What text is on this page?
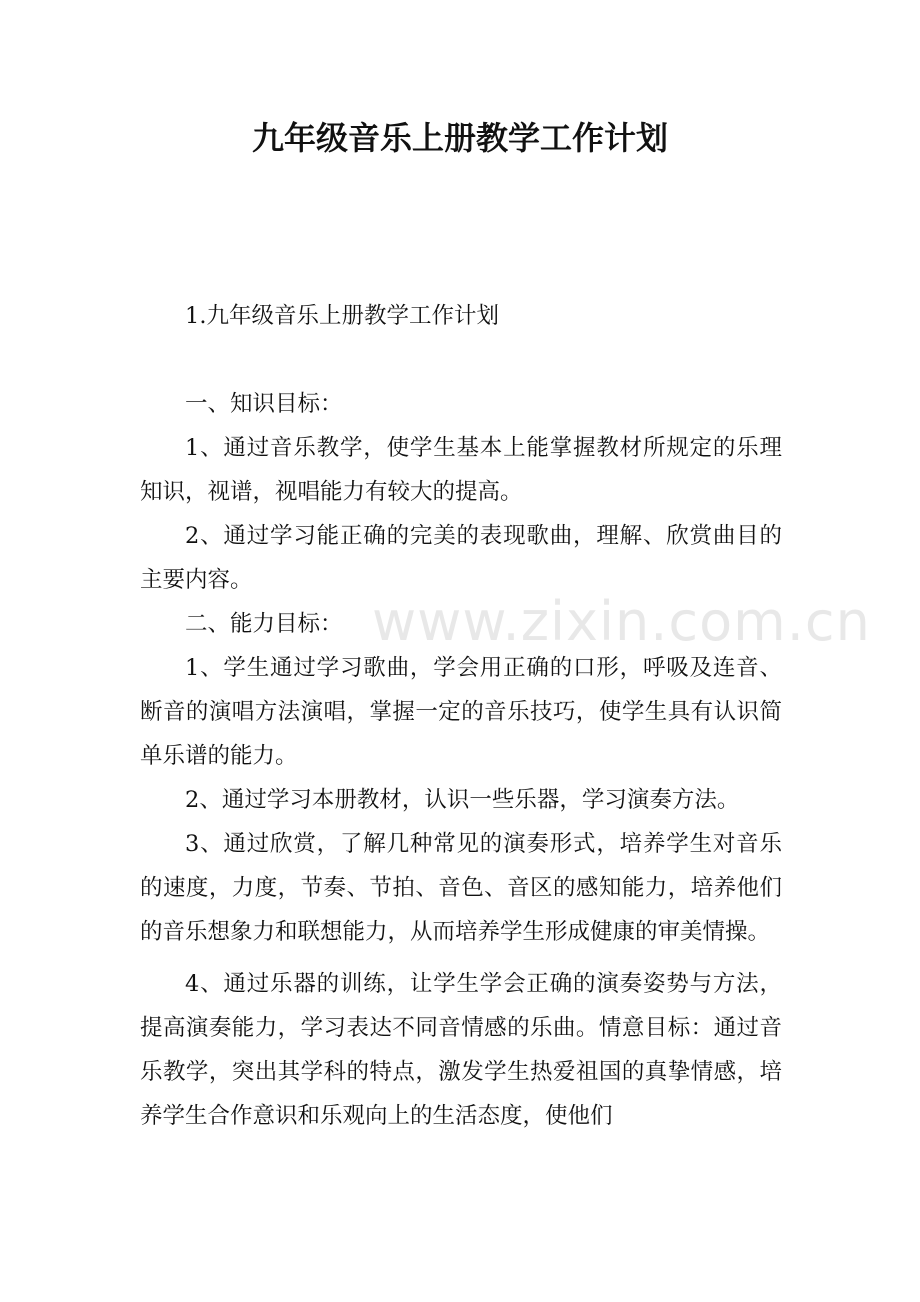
www.zixin.com.cn
九年级音乐上册教学工作计划

1.九年级音乐上册教学工作计划

一、知识目标：

1、通过音乐教学，使学生基本上能掌握教材所规定的乐理知识，视谱，视唱能力有较大的提高。

2、通过学习能正确的完美的表现歌曲，理解、欣赏曲目的主要内容。

二、能力目标：

1、学生通过学习歌曲，学会用正确的口形，呼吸及连音、断音的演唱方法演唱，掌握一定的音乐技巧，使学生具有认识简单乐谱的能力。

2、通过学习本册教材，认识一些乐器，学习演奏方法。

3、通过欣赏，了解几种常见的演奏形式，培养学生对音乐的速度，力度，节奏、节拍、音色、音区的感知能力，培养他们的音乐想象力和联想能力，从而培养学生形成健康的审美情操。

4、通过乐器的训练，让学生学会正确的演奏姿势与方法，提高演奏能力，学习表达不同音情感的乐曲。情意目标：通过音乐教学，突出其学科的特点，激发学生热爱祖国的真挚情感，培养学生合作意识和乐观向上的生活态度，使他们
